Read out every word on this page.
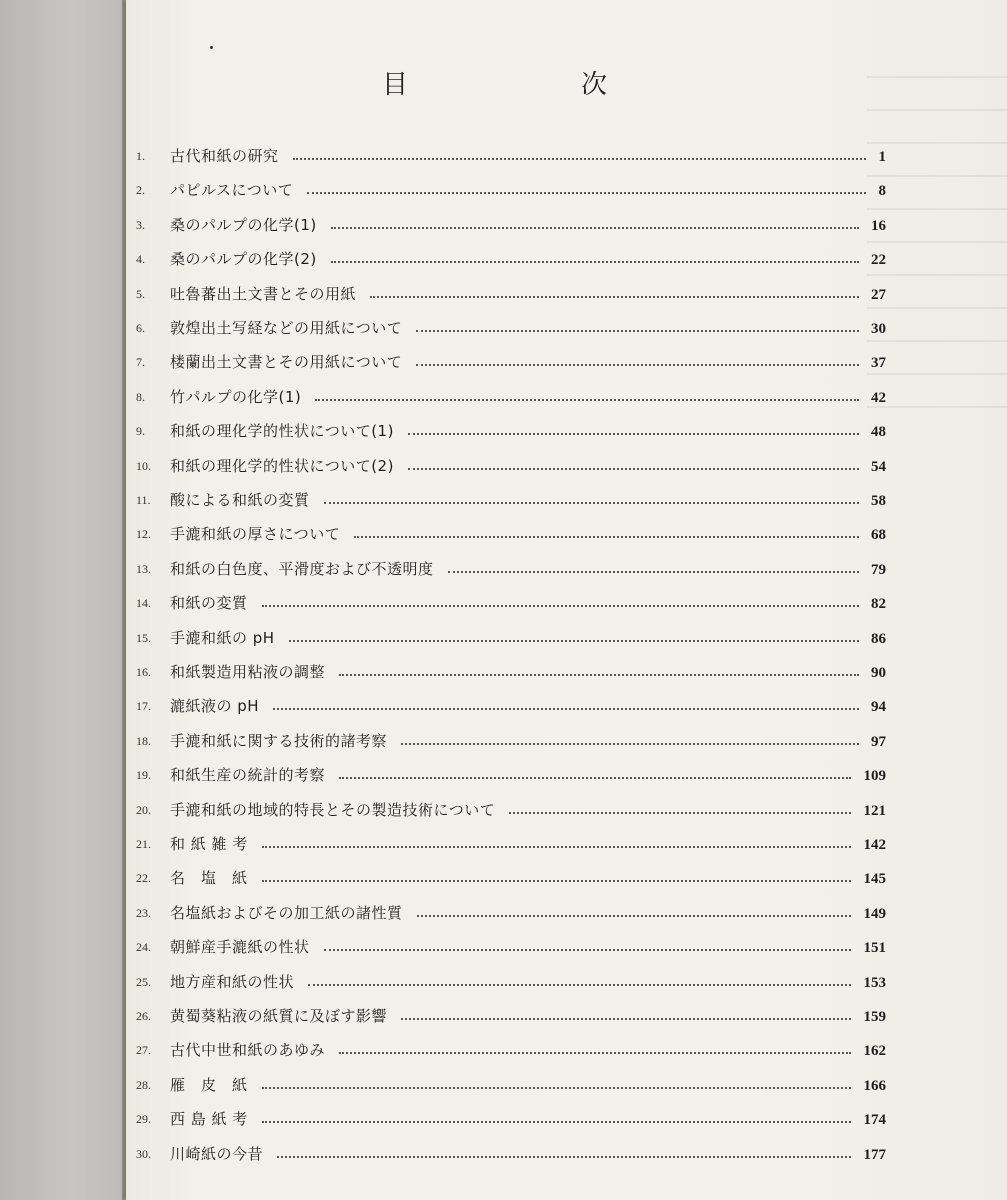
目	次
1. 古代和紙の研究	1
2. パピルスについて	8
3. 桑のパルプの化学(1)	16
4. 桑のパルプの化学(2)	22
5. 吐魯蕃出土文書とその用紙	27
6. 敦煌出土写経などの用紙について	30
7. 楼蘭出土文書とその用紙について	37
8. 竹パルプの化学(1)	42
9. 和紙の理化学的性状について(1)	48
10. 和紙の理化学的性状について(2)	54
11. 酸による和紙の変質	58
12. 手漉和紙の厚さについて	68
13. 和紙の白色度、平滑度および不透明度	79
14. 和紙の変質	82
15. 手漉和紙の pH	86
16. 和紙製造用粘液の調整	90
17. 漉紙液の pH	94
18. 手漉和紙に関する技術的諸考察	97
19. 和紙生産の統計的考察	109
20. 手漉和紙の地域的特長とその製造技術について	121
21. 和 紙 雑 考	142
22. 名　塩　紙	145
23. 名塩紙およびその加工紙の諸性質	149
24. 朝鮮産手漉紙の性状	151
25. 地方産和紙の性状	153
26. 黄蜀葵粘液の紙質に及ぼす影響	159
27. 古代中世和紙のあゆみ	162
28. 雁　皮　紙	166
29. 西 島 紙 考	174
30. 川崎紙の今昔	177
